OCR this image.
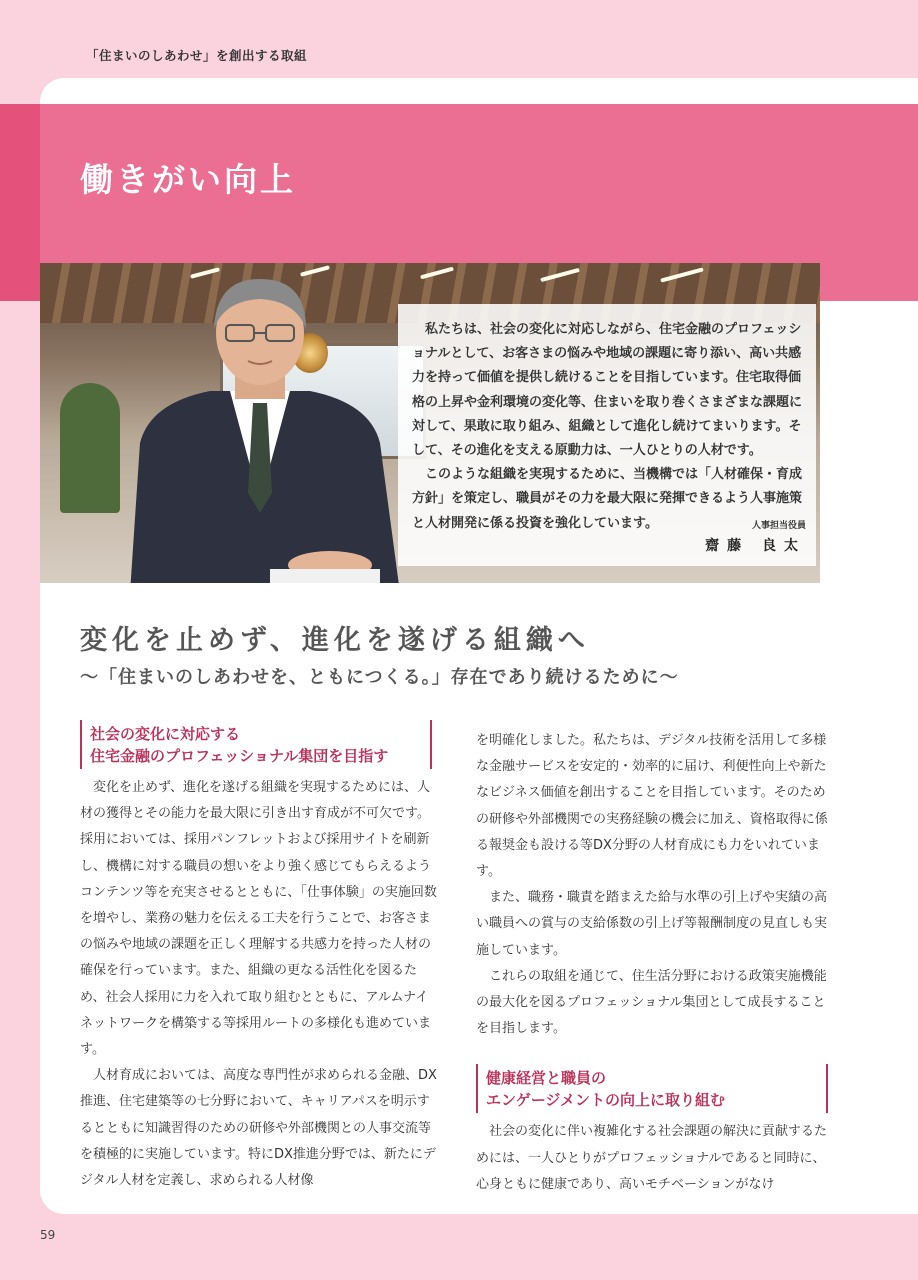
「住まいのしあわせ」を創出する取組
働きがい向上

私たちは、社会の変化に対応しながら、住宅金融のプロフェッショナルとして、お客さまの悩みや地域の課題に寄り添い、高い共感力を持って価値を提供し続けることを目指しています。住宅取得価格の上昇や金利環境の変化等、住まいを取り巻くさまざまな課題に対して、果敢に取り組み、組織として進化し続けてまいります。そして、その進化を支える原動力は、一人ひとりの人材です。

このような組織を実現するために、当機構では「人材確保・育成方針」を策定し、職員がその力を最大限に発揮できるよう人事施策と人材開発に係る投資を強化しています。	人事担当役員
齋藤 良太
変化を止めず、進化を遂げる組織へ

〜「住まいのしあわせを、ともにつくる。」存在であり続けるために〜

社会の変化に対応する
住宅金融のプロフェッショナル集団を目指す

変化を止めず、進化を遂げる組織を実現するためには、人材の獲得とその能力を最大限に引き出す育成が不可欠です。採用においては、採用パンフレットおよび採用サイトを刷新し、機構に対する職員の想いをより強く感じてもらえるようコンテンツ等を充実させるとともに、「仕事体験」の実施回数を増やし、業務の魅力を伝える工夫を行うことで、お客さまの悩みや地域の課題を正しく理解する共感力を持った人材の確保を行っています。また、組織の更なる活性化を図るため、社会人採用に力を入れて取り組むとともに、アルムナイネットワークを構築する等採用ルートの多様化も進めています。

人材育成においては、高度な専門性が求められる金融、DX推進、住宅建築等の七分野において、キャリアパスを明示するとともに知識習得のための研修や外部機関との人事交流等を積極的に実施しています。特にDX推進分野では、新たにデジタル人材を定義し、求められる人材像

を明確化しました。私たちは、デジタル技術を活用して多様な金融サービスを安定的・効率的に届け、利便性向上や新たなビジネス価値を創出することを目指しています。そのための研修や外部機関での実務経験の機会に加え、資格取得に係る報奨金も設ける等DX分野の人材育成にも力をいれています。

また、職務・職責を踏まえた給与水準の引上げや実績の高い職員への賞与の支給係数の引上げ等報酬制度の見直しも実施しています。

これらの取組を通じて、住生活分野における政策実施機能の最大化を図るプロフェッショナル集団として成長することを目指します。

健康経営と職員の
エンゲージメントの向上に取り組む

社会の変化に伴い複雑化する社会課題の解決に貢献するためには、一人ひとりがプロフェッショナルであると同時に、心身ともに健康であり、高いモチベーションがなけ

59
